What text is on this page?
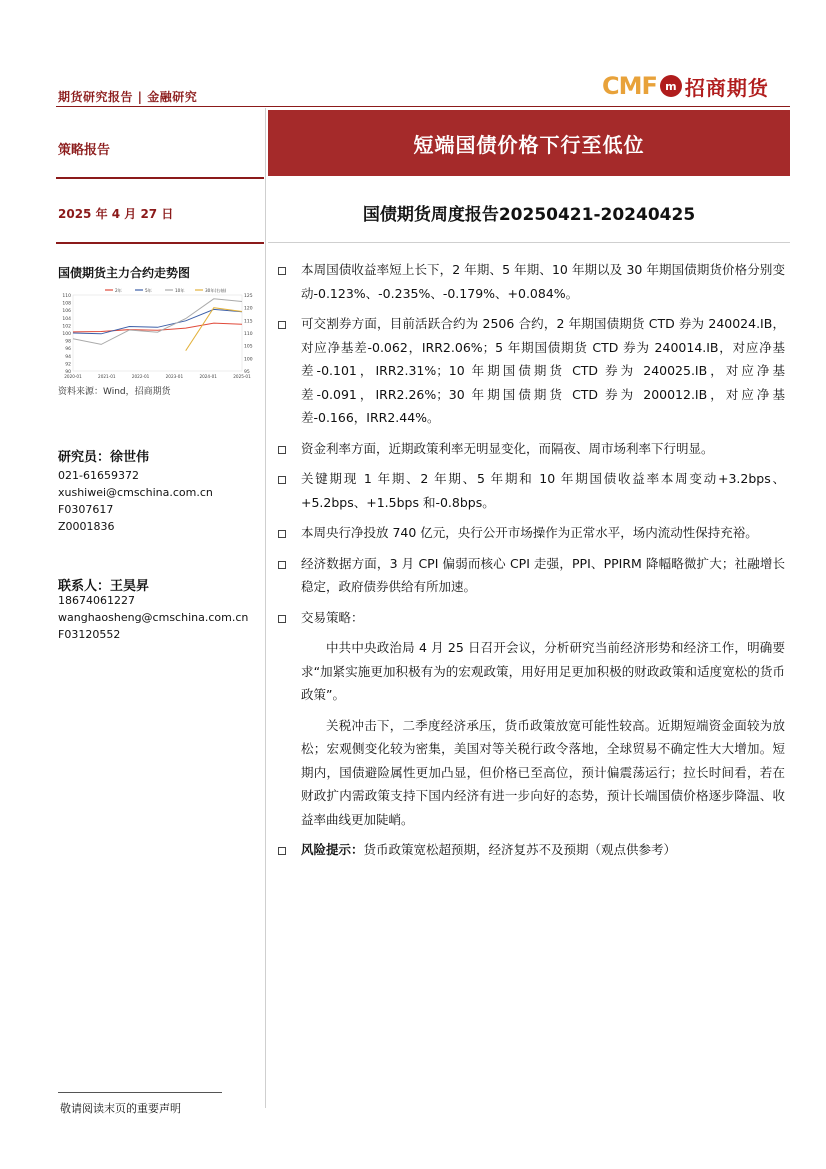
期货研究报告 | 金融研究	CMF m 招商期货
策略报告	短端国债价格下行至低位
2025 年 4 月 27 日	国债期货周度报告20250421-20240425
国债期货主力合约走势图
110
108
106
104
102
100
98
96
94
92
90
125
120
115
110
105
100
95
2020-01	2021-01	2022-01	2023-01	2024-01	2025-01
2年	5年	10年	30年(右轴)
资料来源：Wind，招商期货
研究员：徐世伟
021-61659372
xushiwei@cmschina.com.cn
F0307617
Z0001836
联系人：王昊昇
18674061227
wanghaosheng@cmschina.com.cn
F03120552
本周国债收益率短上长下，2 年期、5 年期、10 年期以及 30 年期国债期货价格分别变动-0.123%、-0.235%、-0.179%、+0.084%。
可交割券方面，目前活跃合约为 2506 合约，2 年期国债期货 CTD 券为 240024.IB，对应净基差-0.062，IRR2.06%；5 年期国债期货 CTD 券为 240014.IB，对应净基差-0.101，IRR2.31%；10 年期国债期货 CTD 券为 240025.IB，对应净基差-0.091，IRR2.26%；30 年期国债期货 CTD 券为 200012.IB，对应净基差-0.166，IRR2.44%。
资金利率方面，近期政策利率无明显变化，而隔夜、周市场利率下行明显。
关键期现 1 年期、2 年期、5 年期和 10 年期国债收益率本周变动+3.2bps、+5.2bps、+1.5bps 和-0.8bps。
本周央行净投放 740 亿元，央行公开市场操作为正常水平，场内流动性保持充裕。
经济数据方面，3 月 CPI 偏弱而核心 CPI 走强，PPI、PPIRM 降幅略微扩大；社融增长稳定，政府债券供给有所加速。
交易策略：
中共中央政治局 4 月 25 日召开会议，分析研究当前经济形势和经济工作，明确要求“加紧实施更加积极有为的宏观政策，用好用足更加积极的财政政策和适度宽松的货币政策”。
关税冲击下，二季度经济承压，货币政策放宽可能性较高。近期短端资金面较为放松；宏观侧变化较为密集，美国对等关税行政令落地，全球贸易不确定性大大增加。短期内，国债避险属性更加凸显，但价格已至高位，预计偏震荡运行；拉长时间看，若在财政扩内需政策支持下国内经济有进一步向好的态势，预计长端国债价格逐步降温、收益率曲线更加陡峭。
风险提示：货币政策宽松超预期，经济复苏不及预期（观点供参考）
敬请阅读末页的重要声明
